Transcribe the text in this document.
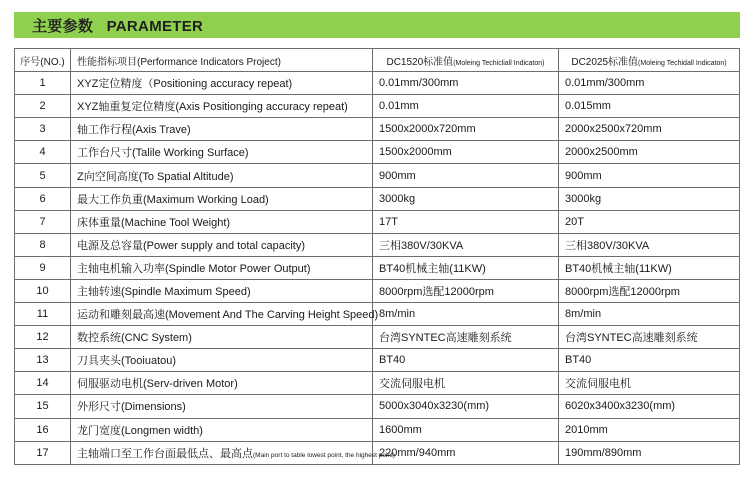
主要参数   PARAMETER
序号(NO.)	性能指标项目(Performance Indicators Project)	DC1520标准值(Moleing Techicliall Indicaton)	DC2025标准值(Moleing Techidall Indicaton)
1	XYZ定位精度（Positioning accuracy repeat)	0.01mm/300mm	0.01mm/300mm
2	XYZ轴重复定位精度(Axis Positionging accuracy repeat)	0.01mm	0.015mm
3	轴工作行程(Axis Trave)	1500x2000x720mm	2000x2500x720mm
4	工作台尺寸(Talile Working Surface)	1500x2000mm	2000x2500mm
5	Z向空间高度(To Spatial Altitude)	900mm	900mm
6	最大工作负重(Maximum Working Load)	3000kg	3000kg
7	床体重量(Machine Tool Weight)	17T	20T
8	电源及总容量(Power supply and total capacity)	三相380V/30KVA	三相380V/30KVA
9	主轴电机输入功率(Spindle Motor Power Output)	BT40机械主轴(11KW)	BT40机械主轴(11KW)
10	主轴转速(Spindle Maximum Speed)	8000rpm选配12000rpm	8000rpm选配12000rpm
11	运动和雕刻最高速(Movement And The Carving Height Speed)	8m/min	8m/min
12	数控系统(CNC System)	台湾SYNTEC高速雕刻系统	台湾SYNTEC高速雕刻系统
13	刀具夹头(Tooiuatou)	BT40	BT40
14	伺服驱动电机(Serv-driven Motor)	交流伺服电机	交流伺服电机
15	外形尺寸(Dimensions)	5000x3040x3230(mm)	6020x3400x3230(mm)
16	龙门宽度(Longmen width)	1600mm	2010mm
17	主轴端口至工作台面最低点、最高点(Main port to table lowest point, the highest point)	220mm/940mm	190mm/890mm
